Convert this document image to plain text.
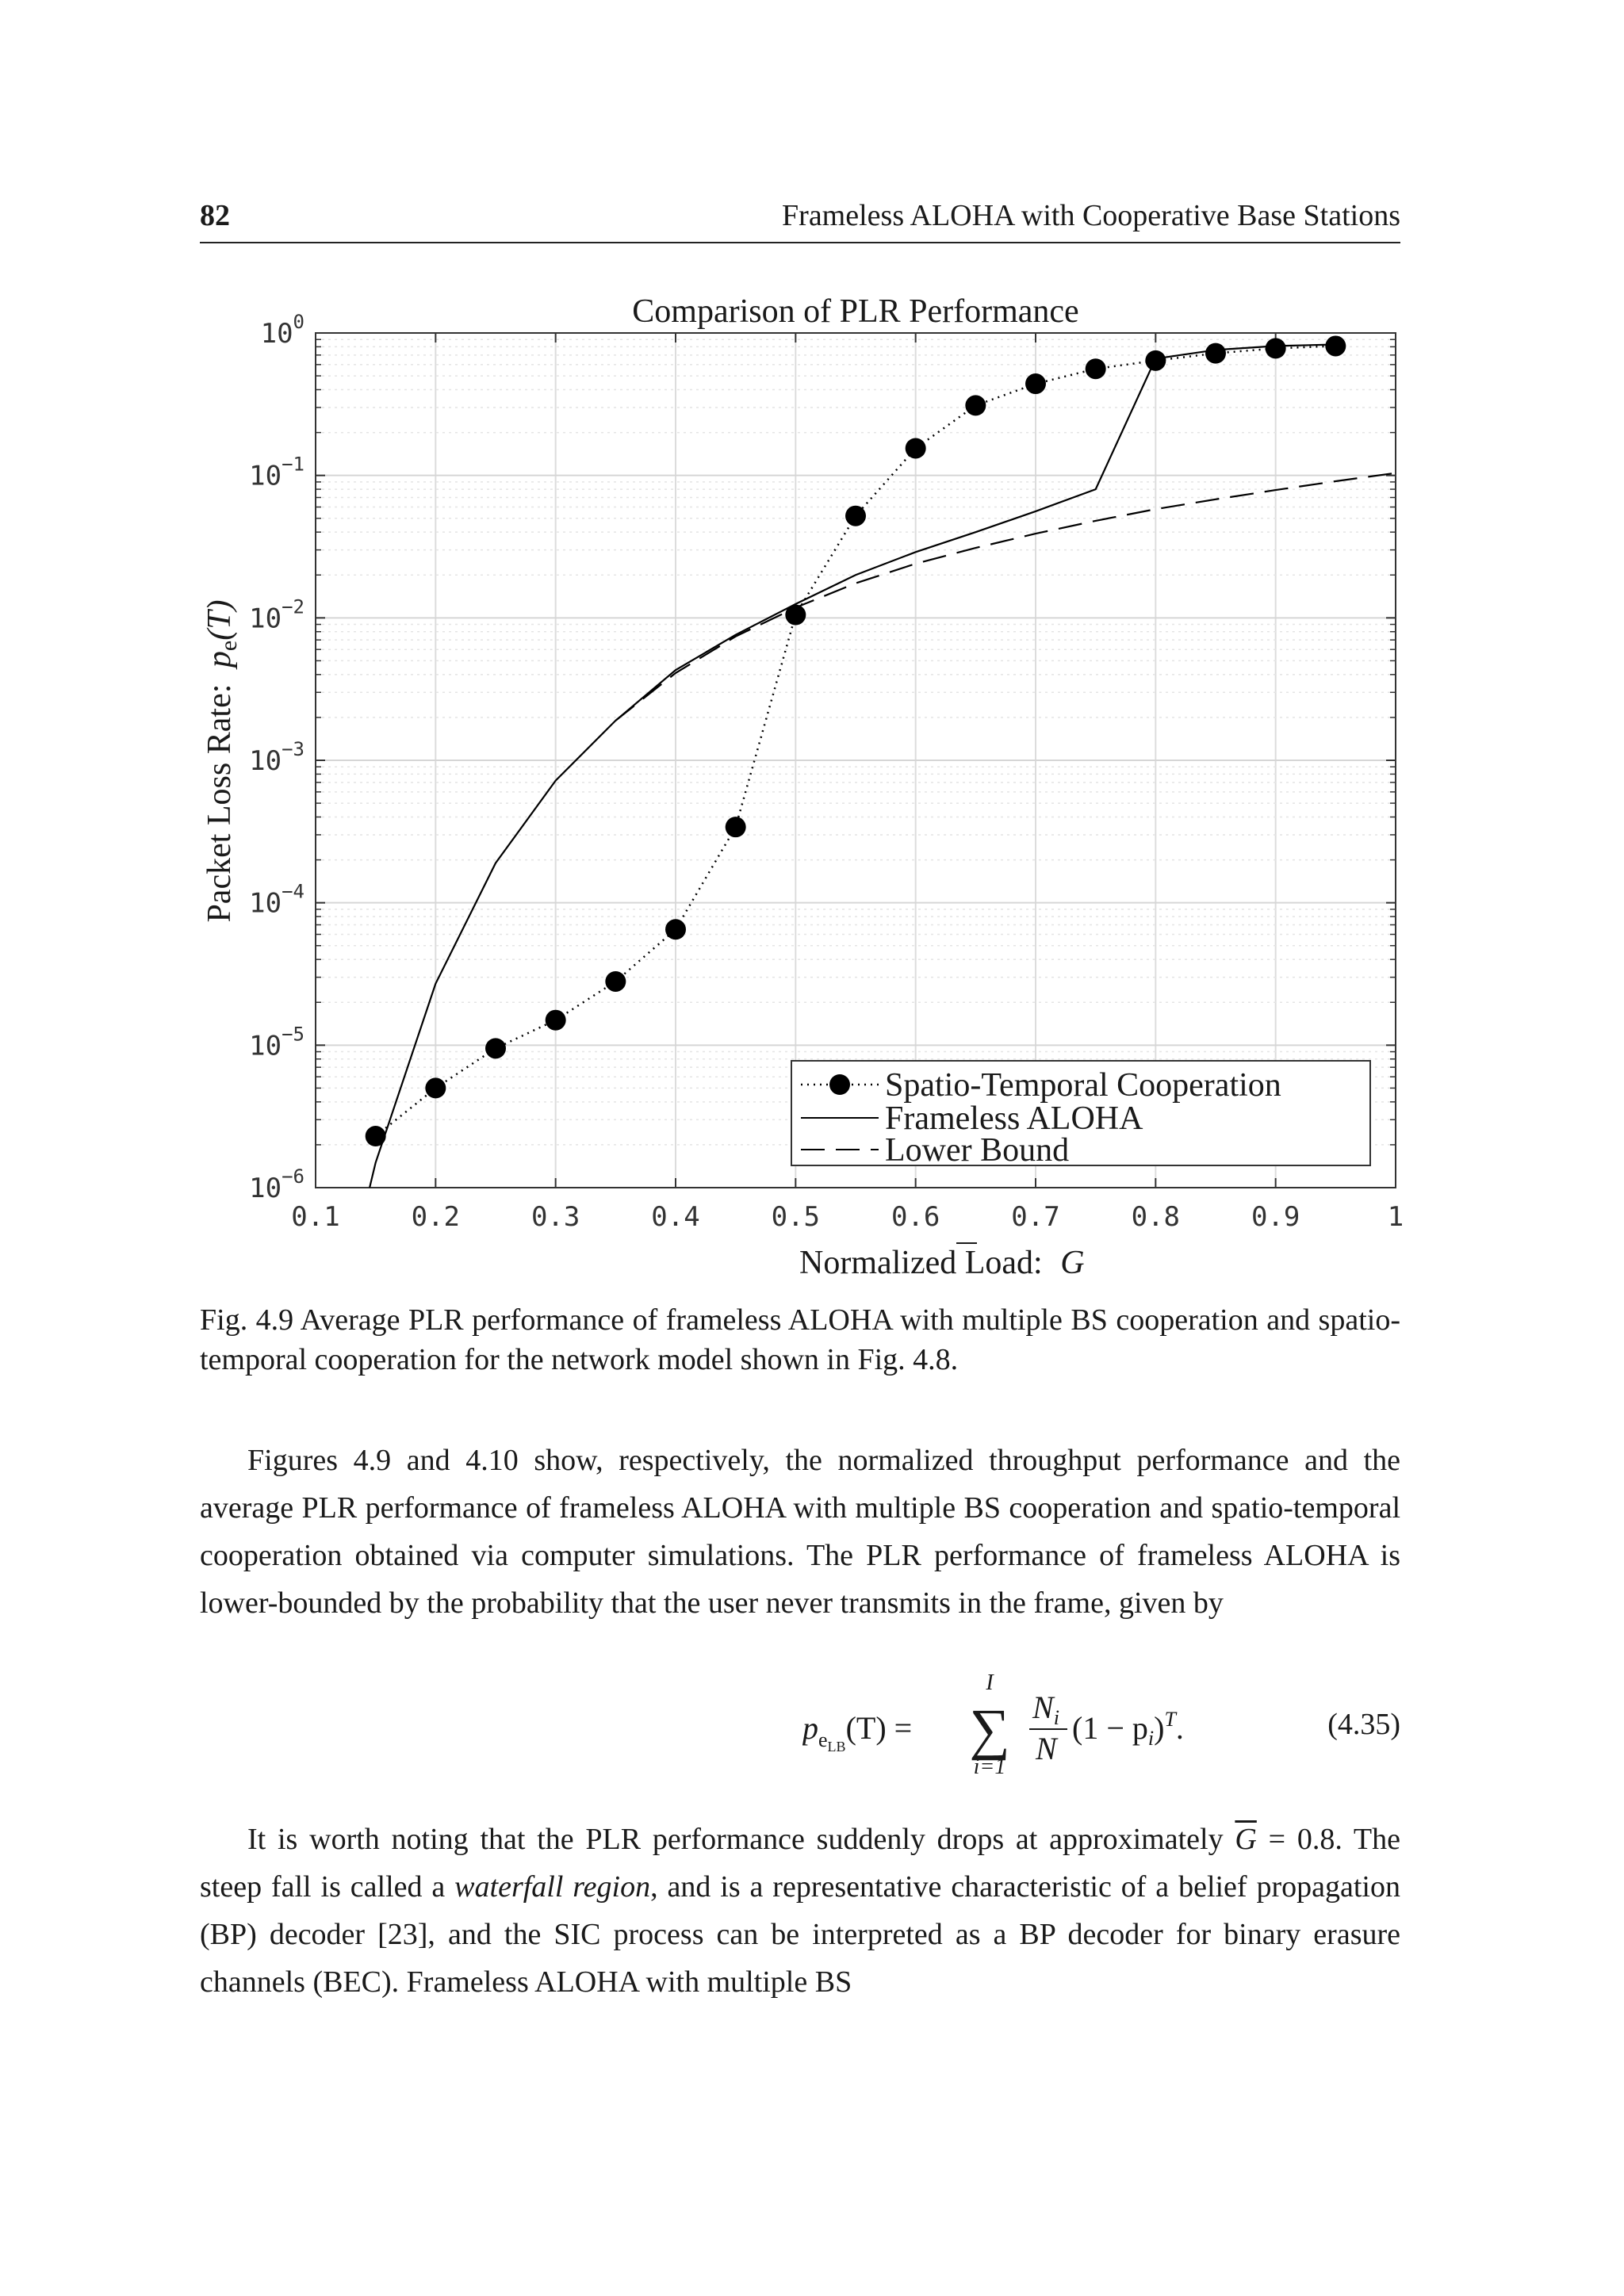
82	Frameless ALOHA with Cooperative Base Stations
0.1	0.2	0.3	0.4	0.5	0.6	0.7	0.8	0.9	1
$10^0$
$10^{-1}$
$10^{-2}$
$10^{-3}$
$10^{-4}$
$10^{-5}$
$10^{-6}$
Comparison of PLR Performance
Normalized Load: G
Packet Loss Rate: pe(T)
Spatio-Temporal Cooperation
Frameless ALOHA
Lower Bound
Fig. 4.9 Average PLR performance of frameless ALOHA with multiple BS cooperation and spatio-temporal cooperation for the network model shown in Fig. 4.8.

Figures 4.9 and 4.10 show, respectively, the normalized throughput performance and the average PLR performance of frameless ALOHA with multiple BS cooperation and spatio-temporal cooperation obtained via computer simulations. The PLR performance of frameless ALOHA is lower-bounded by the probability that the user never transmits in the frame, given by

$p_eLB(T)$ =
I
∑
i=1
$N_i$
N
$(1 - p_i)^T$.	(4.35)

It is worth noting that the PLR performance suddenly drops at approximately $\overline{G} = 0.8$. The steep fall is called a waterfall region, and is a representative characteristic of a belief propagation (BP) decoder [23], and the SIC process can be interpreted as a BP decoder for binary erasure channels (BEC). Frameless ALOHA with multiple BS
